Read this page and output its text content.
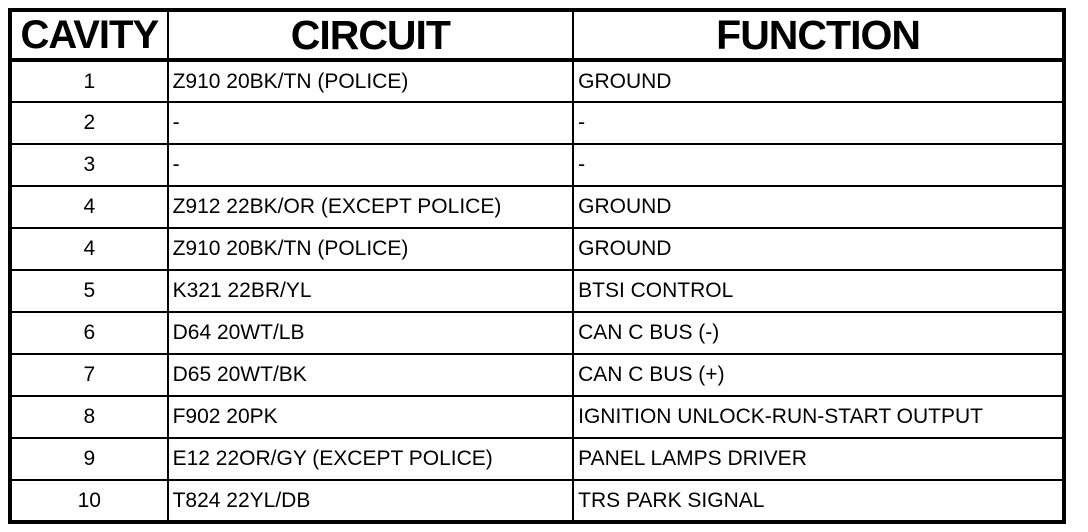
CAVITY	CIRCUIT	FUNCTION
1	Z910 20BK/TN (POLICE)	GROUND
2	-	-
3	-	-
4	Z912 22BK/OR (EXCEPT POLICE)	GROUND
4	Z910 20BK/TN (POLICE)	GROUND
5	K321 22BR/YL	BTSI CONTROL
6	D64 20WT/LB	CAN C BUS (-)
7	D65 20WT/BK	CAN C BUS (+)
8	F902 20PK	IGNITION UNLOCK-RUN-START OUTPUT
9	E12 22OR/GY (EXCEPT POLICE)	PANEL LAMPS DRIVER
10	T824 22YL/DB	TRS PARK SIGNAL
